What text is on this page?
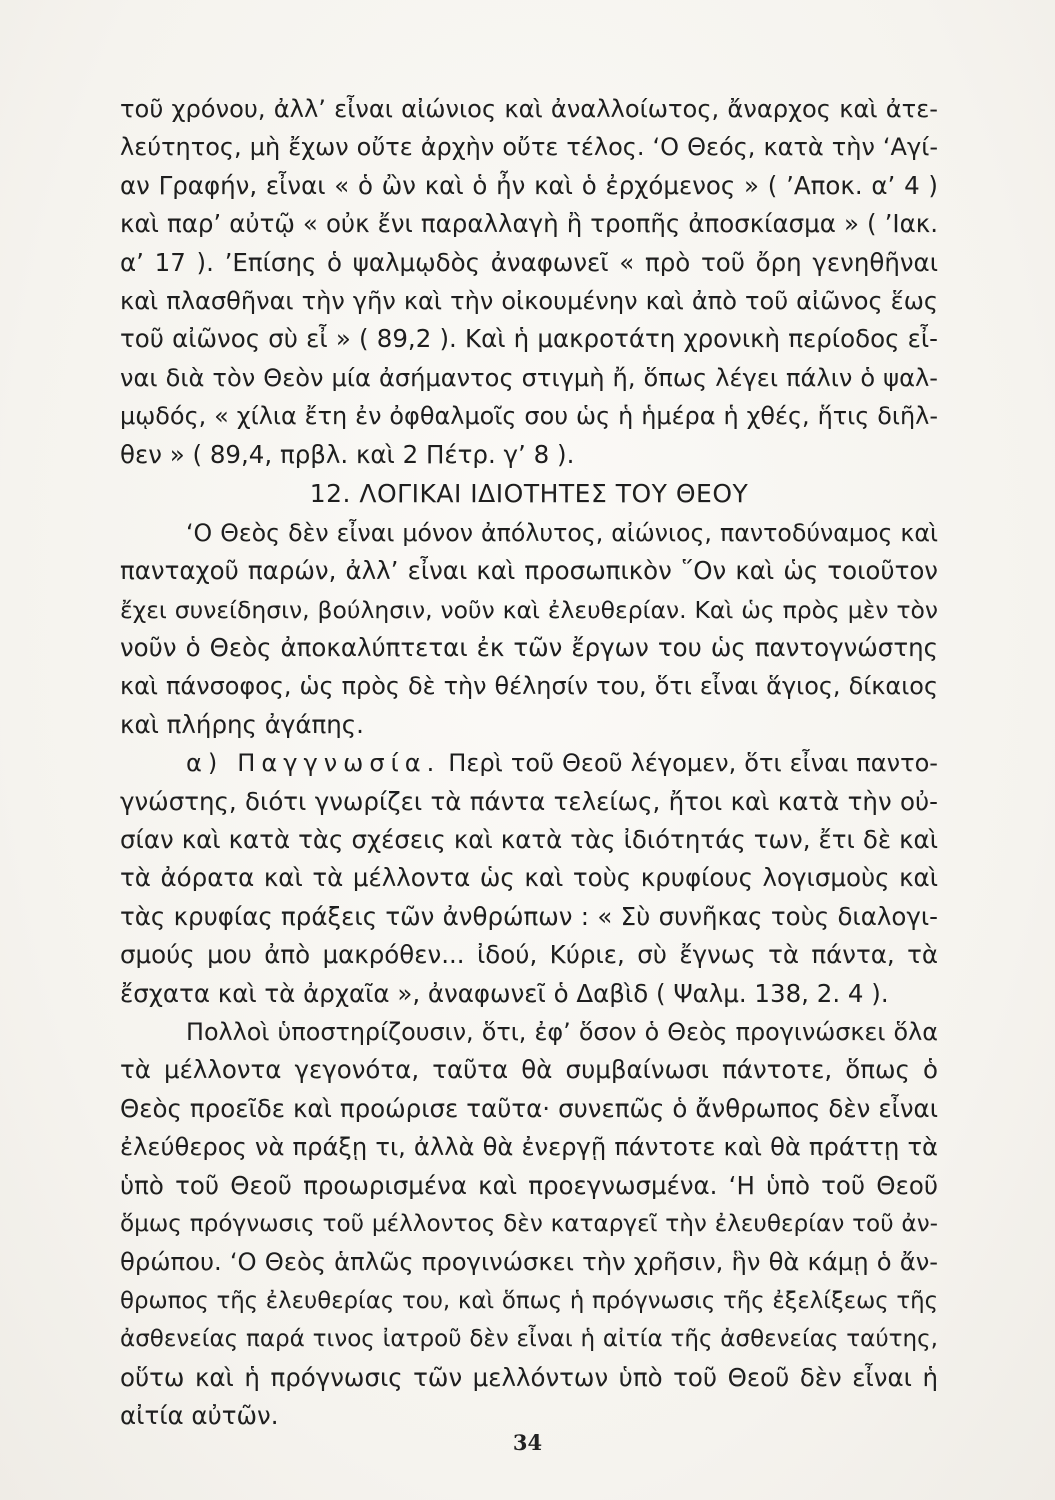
τοῦ χρόνου, ἀλλ’ εἶναι αἰώνιος καὶ ἀναλλοίωτος, ἄναρχος καὶ ἀτε-
λεύτητος, μὴ ἔχων οὔτε ἀρχὴν οὔτε τέλος. ‘Ο Θεός, κατὰ τὴν ‘Αγί-
αν Γραφήν, εἶναι « ὁ ὢν καὶ ὁ ἦν καὶ ὁ ἐρχόμενος » ( ’Αποκ. α’ 4 )
καὶ παρ’ αὐτῷ « οὐκ ἔνι παραλλαγὴ ἢ τροπῆς ἀποσκίασμα » ( ’Ιακ.
α’ 17 ). ’Επίσης ὁ ψαλμῳδὸς ἀναφωνεῖ « πρὸ τοῦ ὄρη γενηθῆναι
καὶ πλασθῆναι τὴν γῆν καὶ τὴν οἰκουμένην καὶ ἀπὸ τοῦ αἰῶνος ἕως
τοῦ αἰῶνος σὺ εἶ » ( 89,2 ). Καὶ ἡ μακροτάτη χρονικὴ περίοδος εἶ-
ναι διὰ τὸν Θεὸν μία ἀσήμαντος στιγμὴ ἤ, ὅπως λέγει πάλιν ὁ ψαλ-
μῳδός, « χίλια ἔτη ἐν ὀφθαλμοῖς σου ὡς ἡ ἡμέρα ἡ χθές, ἥτις διῆλ-
θεν » ( 89,4, πρβλ. καὶ 2 Πέτρ. γ’ 8 ).
12. ΛΟΓΙΚΑΙ ΙΔΙΟΤΗΤΕΣ ΤΟΥ ΘΕΟΥ
‘Ο Θεὸς δὲν εἶναι μόνον ἀπόλυτος, αἰώνιος, παντοδύναμος καὶ
πανταχοῦ παρών, ἀλλ’ εἶναι καὶ προσωπικὸν ῞Ον καὶ ὡς τοιοῦτον
ἔχει συνείδησιν, βούλησιν, νοῦν καὶ ἐλευθερίαν. Καὶ ὡς πρὸς μὲν τὸν
νοῦν ὁ Θεὸς ἀποκαλύπτεται ἐκ τῶν ἔργων του ὡς παντογνώστης
καὶ πάνσοφος, ὡς πρὸς δὲ τὴν θέλησίν του, ὅτι εἶναι ἅγιος, δίκαιος
καὶ πλήρης ἀγάπης.
α) Παγγνωσία. Περὶ τοῦ Θεοῦ λέγομεν, ὅτι εἶναι παντο-
γνώστης, διότι γνωρίζει τὰ πάντα τελείως, ἤτοι καὶ κατὰ τὴν οὐ-
σίαν καὶ κατὰ τὰς σχέσεις καὶ κατὰ τὰς ἰδιότητάς των, ἔτι δὲ καὶ
τὰ ἀόρατα καὶ τὰ μέλλοντα ὡς καὶ τοὺς κρυφίους λογισμοὺς καὶ
τὰς κρυφίας πράξεις τῶν ἀνθρώπων : « Σὺ συνῆκας τοὺς διαλογι-
σμούς μου ἀπὸ μακρόθεν... ἰδού, Κύριε, σὺ ἔγνως τὰ πάντα, τὰ
ἔσχατα καὶ τὰ ἀρχαῖα », ἀναφωνεῖ ὁ Δαβὶδ ( Ψαλμ. 138, 2. 4 ).
Πολλοὶ ὑποστηρίζουσιν, ὅτι, ἐφ’ ὅσον ὁ Θεὸς προγινώσκει ὅλα
τὰ μέλλοντα γεγονότα, ταῦτα θὰ συμβαίνωσι πάντοτε, ὅπως ὁ
Θεὸς προεῖδε καὶ προώρισε ταῦτα· συνεπῶς ὁ ἄνθρωπος δὲν εἶναι
ἐλεύθερος νὰ πράξῃ τι, ἀλλὰ θὰ ἐνεργῇ πάντοτε καὶ θὰ πράττῃ τὰ
ὑπὸ τοῦ Θεοῦ προωρισμένα καὶ προεγνωσμένα. ‘Η ὑπὸ τοῦ Θεοῦ
ὅμως πρόγνωσις τοῦ μέλλοντος δὲν καταργεῖ τὴν ἐλευθερίαν τοῦ ἀν-
θρώπου. ‘Ο Θεὸς ἁπλῶς προγινώσκει τὴν χρῆσιν, ἣν θὰ κάμῃ ὁ ἄν-
θρωπος τῆς ἐλευθερίας του, καὶ ὅπως ἡ πρόγνωσις τῆς ἐξελίξεως τῆς
ἀσθενείας παρά τινος ἰατροῦ δὲν εἶναι ἡ αἰτία τῆς ἀσθενείας ταύτης,
οὕτω καὶ ἡ πρόγνωσις τῶν μελλόντων ὑπὸ τοῦ Θεοῦ δὲν εἶναι ἡ
αἰτία αὐτῶν.
34
